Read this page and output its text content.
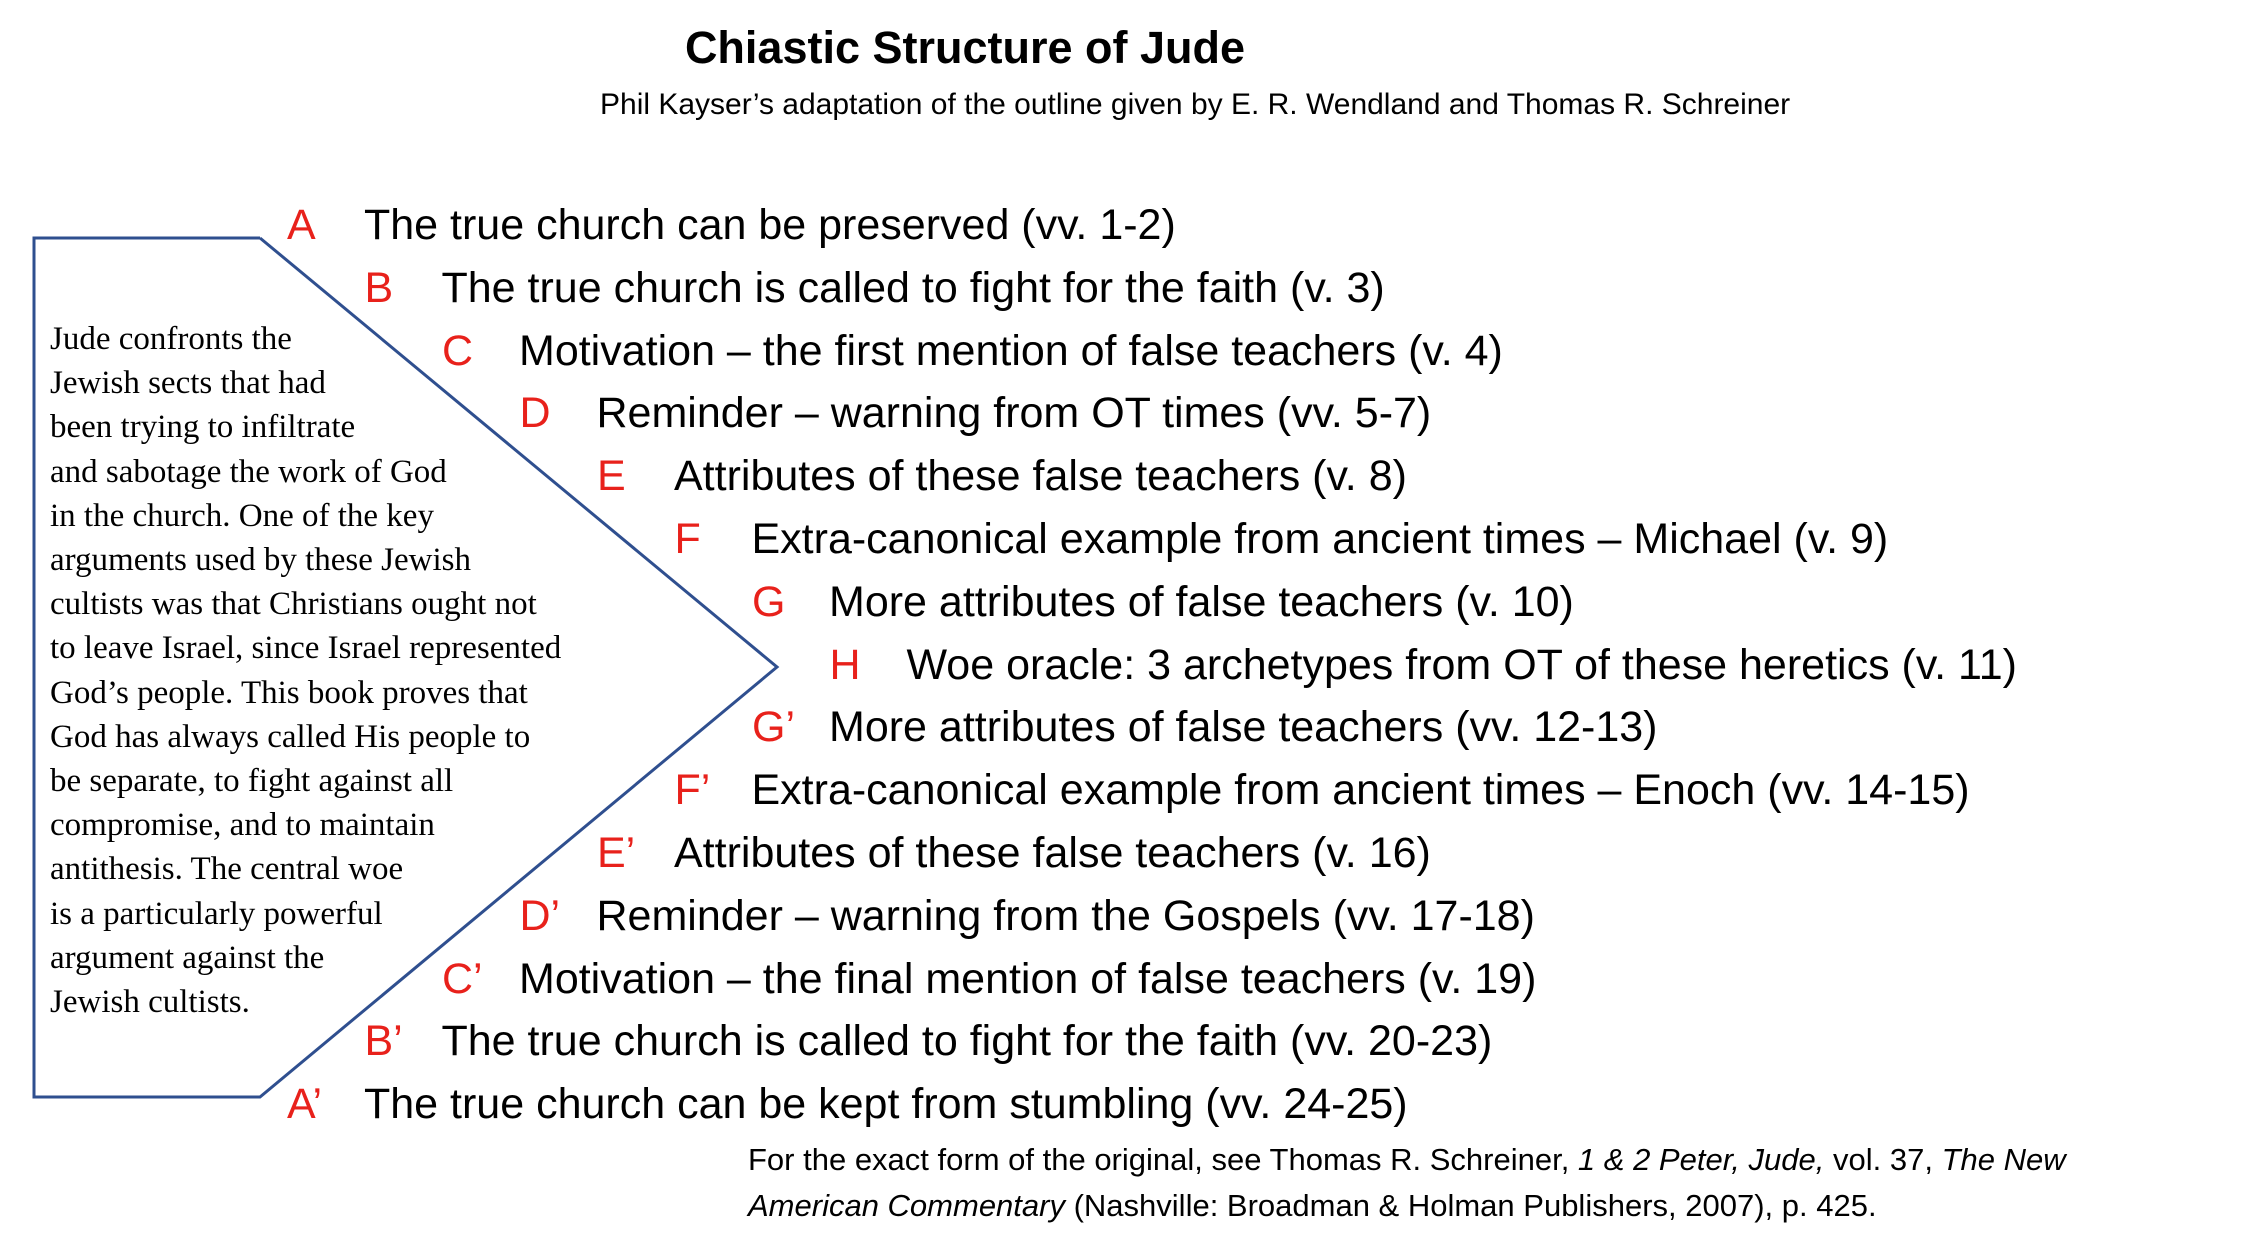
Chiastic Structure of Jude
Phil Kayser’s adaptation of the outline given by E. R. Wendland and Thomas R. Schreiner
Jude confronts the
Jewish sects that had
been trying to infiltrate
and sabotage the work of God
in the church. One of the key
arguments used by these Jewish
cultists was that Christians ought not
to leave Israel, since Israel represented
God’s people. This book proves that
God has always called His people to
be separate, to fight against all
compromise, and to maintain
antithesis. The central woe
is a particularly powerful
argument against the
Jewish cultists.
A The true church can be preserved (vv. 1-2)
B The true church is called to fight for the faith (v. 3)
C Motivation – the first mention of false teachers (v. 4)
D Reminder – warning from OT times (vv. 5-7)
E Attributes of these false teachers (v. 8)
F Extra-canonical example from ancient times – Michael (v. 9)
G More attributes of false teachers (v. 10)
H Woe oracle: 3 archetypes from OT of these heretics (v. 11)
G’ More attributes of false teachers (vv. 12-13)
F’ Extra-canonical example from ancient times – Enoch (vv. 14-15)
E’ Attributes of these false teachers (v. 16)
D’ Reminder – warning from the Gospels (vv. 17-18)
C’ Motivation – the final mention of false teachers (v. 19)
B’ The true church is called to fight for the faith (vv. 20-23)
A’ The true church can be kept from stumbling (vv. 24-25)
For the exact form of the original, see Thomas R. Schreiner, 1 & 2 Peter, Jude, vol. 37, The New
American Commentary (Nashville: Broadman & Holman Publishers, 2007), p. 425.
